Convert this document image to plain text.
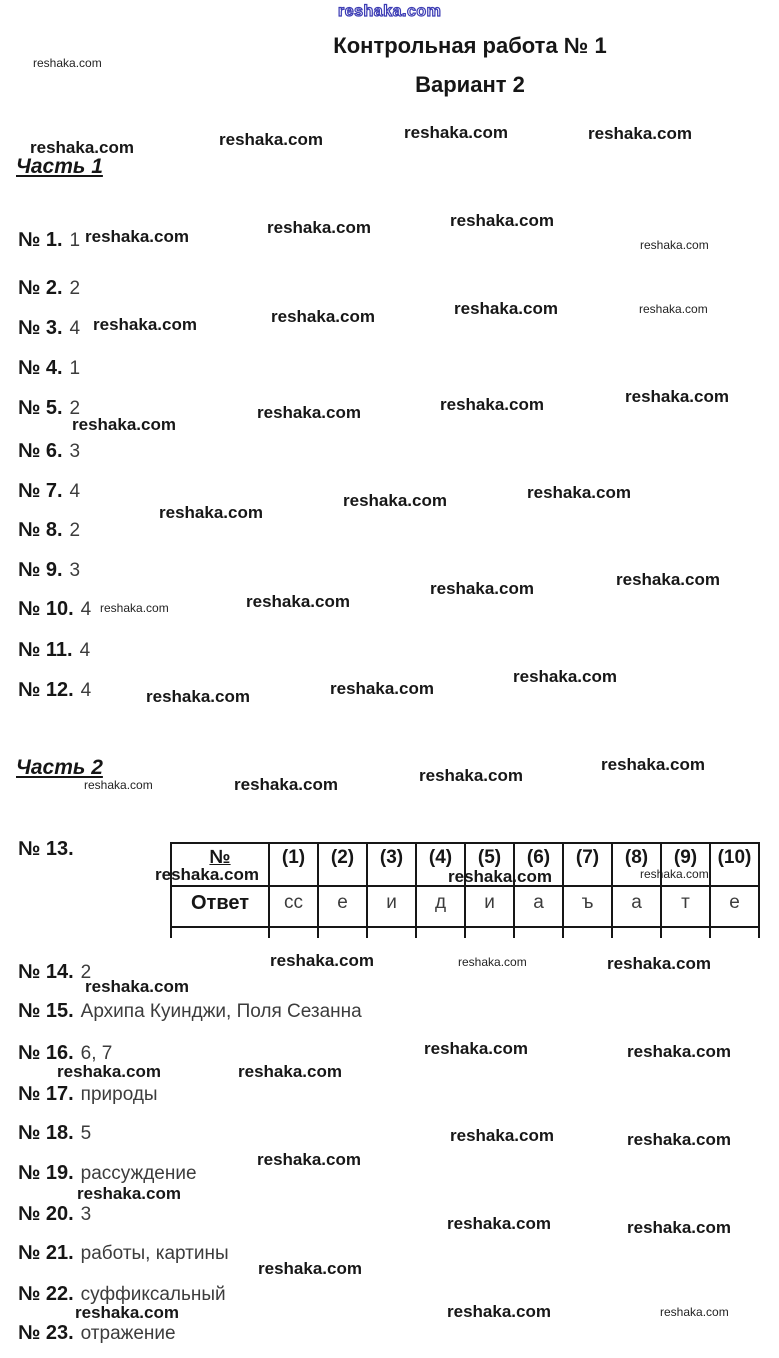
reshaka.com
Контрольная работа № 1
Вариант 2
reshaka.com
reshaka.com	reshaka.com	reshaka.com
reshaka.com
reshaka.com	reshaka.com	reshaka.com
reshaka.com
reshaka.com	reshaka.com	reshaka.com	reshaka.com
reshaka.com
reshaka.com
reshaka.com
reshaka.com
reshaka.com
reshaka.com
reshaka.com
reshaka.com
reshaka.com
reshaka.com
reshaka.com
reshaka.com
reshaka.com
reshaka.com
reshaka.com
reshaka.com
reshaka.com
reshaka.com
reshaka.com	reshaka.com	reshaka.com
reshaka.com	reshaka.com	reshaka.com
reshaka.com
reshaka.com	reshaka.com
reshaka.com	reshaka.com
reshaka.com	reshaka.com
reshaka.com
reshaka.com
reshaka.com	reshaka.com
reshaka.com
reshaka.com	reshaka.com	reshaka.com
Часть 1
№ 1. 1
№ 2. 2
№ 3. 4
№ 4. 1
№ 5. 2
№ 6. 3
№ 7. 4
№ 8. 2
№ 9. 3
№ 10. 4
№ 11. 4
№ 12. 4
Часть 2
№ 13.	№	(1)	(2)	(3)	(4)	(5)	(6)	(7)	(8)	(9)	(10)
Ответ	сс	е	и	д	и	а	ъ	а	т	е

№ 14. 2
№ 15. Архипа Куинджи, Поля Сезанна
№ 16. 6, 7
№ 17. природы
№ 18. 5
№ 19. рассуждение
№ 20. 3
№ 21. работы, картины
№ 22. суффиксальный
№ 23. отражение
